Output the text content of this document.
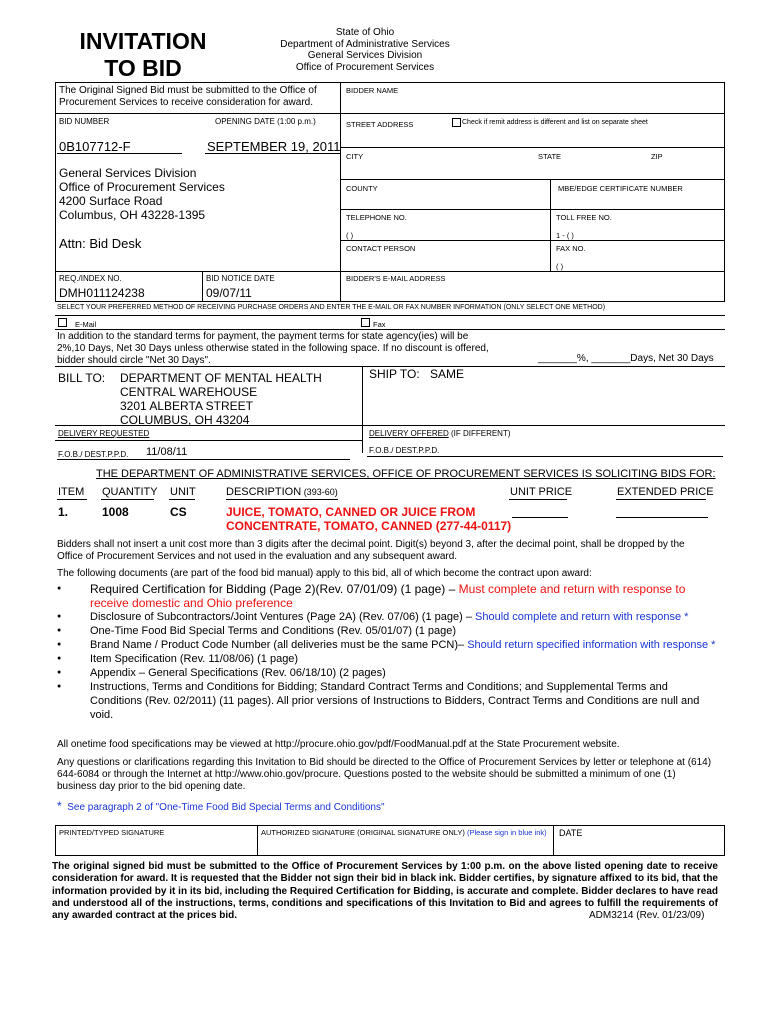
INVITATION
TO BID
State of Ohio
Department of Administrative Services
General Services Division
Office of Procurement Services
The Original Signed Bid must be submitted to the Office of Procurement Services to receive consideration for award.
BID NUMBER	OPENING DATE (1:00 p.m.)
0B107712-F	SEPTEMBER 19, 2011
General Services Division
Office of Procurement Services
4200 Surface Road
Columbus, OH 43228-1395
Attn: Bid Desk
REQ./INDEX NO.	BID NOTICE DATE
DMH011124238	09/07/11
BIDDER NAME
STREET ADDRESS	Check if remit address is different and list on separate sheet
CITY	STATE	ZIP
COUNTY	MBE/EDGE CERTIFICATE NUMBER
TELEPHONE NO.	TOLL FREE NO.
( )	1 - ( )
CONTACT PERSON	FAX NO.
( )
BIDDER'S E-MAIL ADDRESS
SELECT YOUR PREFERRED METHOD OF RECEIVING PURCHASE ORDERS AND ENTER THE E-MAIL OR FAX NUMBER INFORMATION (ONLY SELECT ONE METHOD)
E-Mail	Fax
In addition to the standard terms for payment, the payment terms for state agency(ies) will be
2%,10 Days, Net 30 Days unless otherwise stated in the following space. If no discount is offered,
bidder should circle "Net 30 Days".	_______%, _______Days, Net 30 Days
BILL TO: DEPARTMENT OF MENTAL HEALTH
CENTRAL WAREHOUSE
3201 ALBERTA STREET
COLUMBUS, OH 43204
SHIP TO: SAME
DELIVERY REQUESTED	DELIVERY OFFERED (IF DIFFERENT)
F.O.B./ DEST.P.P.D. 11/08/11	F.O.B./ DEST.P.P.D.
THE DEPARTMENT OF ADMINISTRATIVE SERVICES, OFFICE OF PROCUREMENT SERVICES IS SOLICITING BIDS FOR:
ITEM QUANTITY UNIT	DESCRIPTION (393-60)	UNIT PRICE	EXTENDED PRICE
1.	1008	CS	JUICE, TOMATO, CANNED OR JUICE FROM
CONCENTRATE, TOMATO, CANNED (277-44-0117)
Bidders shall not insert a unit cost more than 3 digits after the decimal point. Digit(s) beyond 3, after the decimal point, shall be dropped by the Office of Procurement Services and not used in the evaluation and any subsequent award.
The following documents (are part of the food bid manual) apply to this bid, all of which become the contract upon award:
● Required Certification for Bidding (Page 2)(Rev. 07/01/09) (1 page) – Must complete and return with response to receive domestic and Ohio preference
● Disclosure of Subcontractors/Joint Ventures (Page 2A) (Rev. 07/06) (1 page) – Should complete and return with response *
● One-Time Food Bid Special Terms and Conditions (Rev. 05/01/07) (1 page)
● Brand Name / Product Code Number (all deliveries must be the same PCN)– Should return specified information with response *
● Item Specification (Rev. 11/08/06) (1 page)
● Appendix – General Specifications (Rev. 06/18/10) (2 pages)
● Instructions, Terms and Conditions for Bidding; Standard Contract Terms and Conditions; and Supplemental Terms and Conditions (Rev. 02/2011) (11 pages). All prior versions of Instructions to Bidders, Contract Terms and Conditions are null and void.
All onetime food specifications may be viewed at http://procure.ohio.gov/pdf/FoodManual.pdf at the State Procurement website.
Any questions or clarifications regarding this Invitation to Bid should be directed to the Office of Procurement Services by letter or telephone at (614) 644-6084 or through the Internet at http://www.ohio.gov/procure. Questions posted to the website should be submitted a minimum of one (1) business day prior to the bid opening date.
* See paragraph 2 of "One-Time Food Bid Special Terms and Conditions"
PRINTED/TYPED SIGNATURE	AUTHORIZED SIGNATURE (ORIGINAL SIGNATURE ONLY) (Please sign in blue ink) DATE
The original signed bid must be submitted to the Office of Procurement Services by 1:00 p.m. on the above listed opening date to receive consideration for award. It is requested that the Bidder not sign their bid in black ink. Bidder certifies, by signature affixed to its bid, that the information provided by it in its bid, including the Required Certification for Bidding, is accurate and complete. Bidder declares to have read and understood all of the instructions, terms, conditions and specifications of this Invitation to Bid and agrees to fulfill the requirements of any awarded contract at the prices bid.	ADM3214 (Rev. 01/23/09)
